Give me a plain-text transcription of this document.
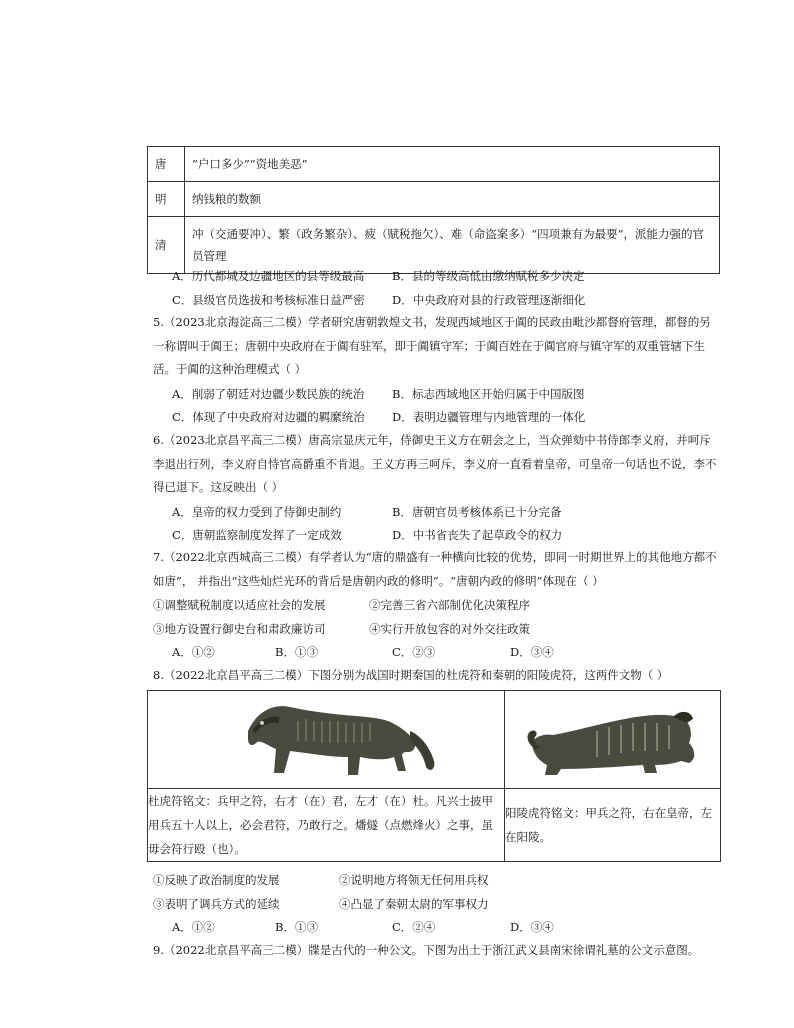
唐	“户口多少”“资地美恶”
明	纳钱粮的数额
清	冲（交通要冲）、繁（政务繁杂）、疲（赋税拖欠）、难（命盗案多）“四项兼有为最要”，派能力强的官员管理
A．历代都城及边疆地区的县等级最高 B．县的等级高低由缴纳赋税多少决定
C．县级官员选拔和考核标准日益严密 D．中央政府对县的行政管理逐渐细化
5.（2023北京海淀高三二模）学者研究唐朝敦煌文书，发现西域地区于阗的民政由毗沙都督府管理，都督的另一称谓叫于阗王；唐朝中央政府在于阗有驻军，即于阗镇守军；于阗百姓在于阗官府与镇守军的双重管辖下生活。于阗的这种治理模式（ ）
A．削弱了朝廷对边疆少数民族的统治 B．标志西域地区开始归属于中国版图
C．体现了中央政府对边疆的羁縻统治 D．表明边疆管理与内地管理的一体化
6.（2023北京昌平高三二模）唐高宗显庆元年，侍御史王义方在朝会之上，当众弹劾中书侍郎李义府，并呵斥李退出行列，李义府自恃官高爵重不肯退。王义方再三呵斥，李义府一直看着皇帝，可皇帝一句话也不说，李不得已退下。这反映出（ ）
A．皇帝的权力受到了侍御史制约	B．唐朝官员考核体系已十分完备
C．唐朝监察制度发挥了一定成效	D．中书省丧失了起草政令的权力
7.（2022北京西城高三二模）有学者认为“唐的鼎盛有一种横向比较的优势，即同一时期世界上的其他地方都不如唐”， 并指出“这些灿烂光环的背后是唐朝内政的修明”。“唐朝内政的修明”体现在（ ）
①调整赋税制度以适应社会的发展	②完善三省六部制优化决策程序
③地方设置行御史台和肃政廉访司	④实行开放包容的对外交往政策
A．①②	B．①③	C．②③	D．③④
8.（2022北京昌平高三二模）下图分别为战国时期秦国的杜虎符和秦朝的阳陵虎符，这两件文物（ ）

杜虎符铭文：兵甲之符，右才（在）君，左才（在）杜。凡兴士披甲用兵五十人以上，必会君符，乃敢行之。燔燧（点燃烽火）之事，虽毋会符行殴（也）。	阳陵虎符铭文：甲兵之符，右在皇帝，左在阳陵。
①反映了政治制度的发展	②说明地方将领无任何用兵权
③表明了调兵方式的延续	④凸显了秦朝太尉的军事权力
A．①②	B．①③	C．②④	D．③④
9.（2022北京昌平高三二模）牒是古代的一种公文。下图为出土于浙江武义县南宋徐谓礼墓的公文示意图。
